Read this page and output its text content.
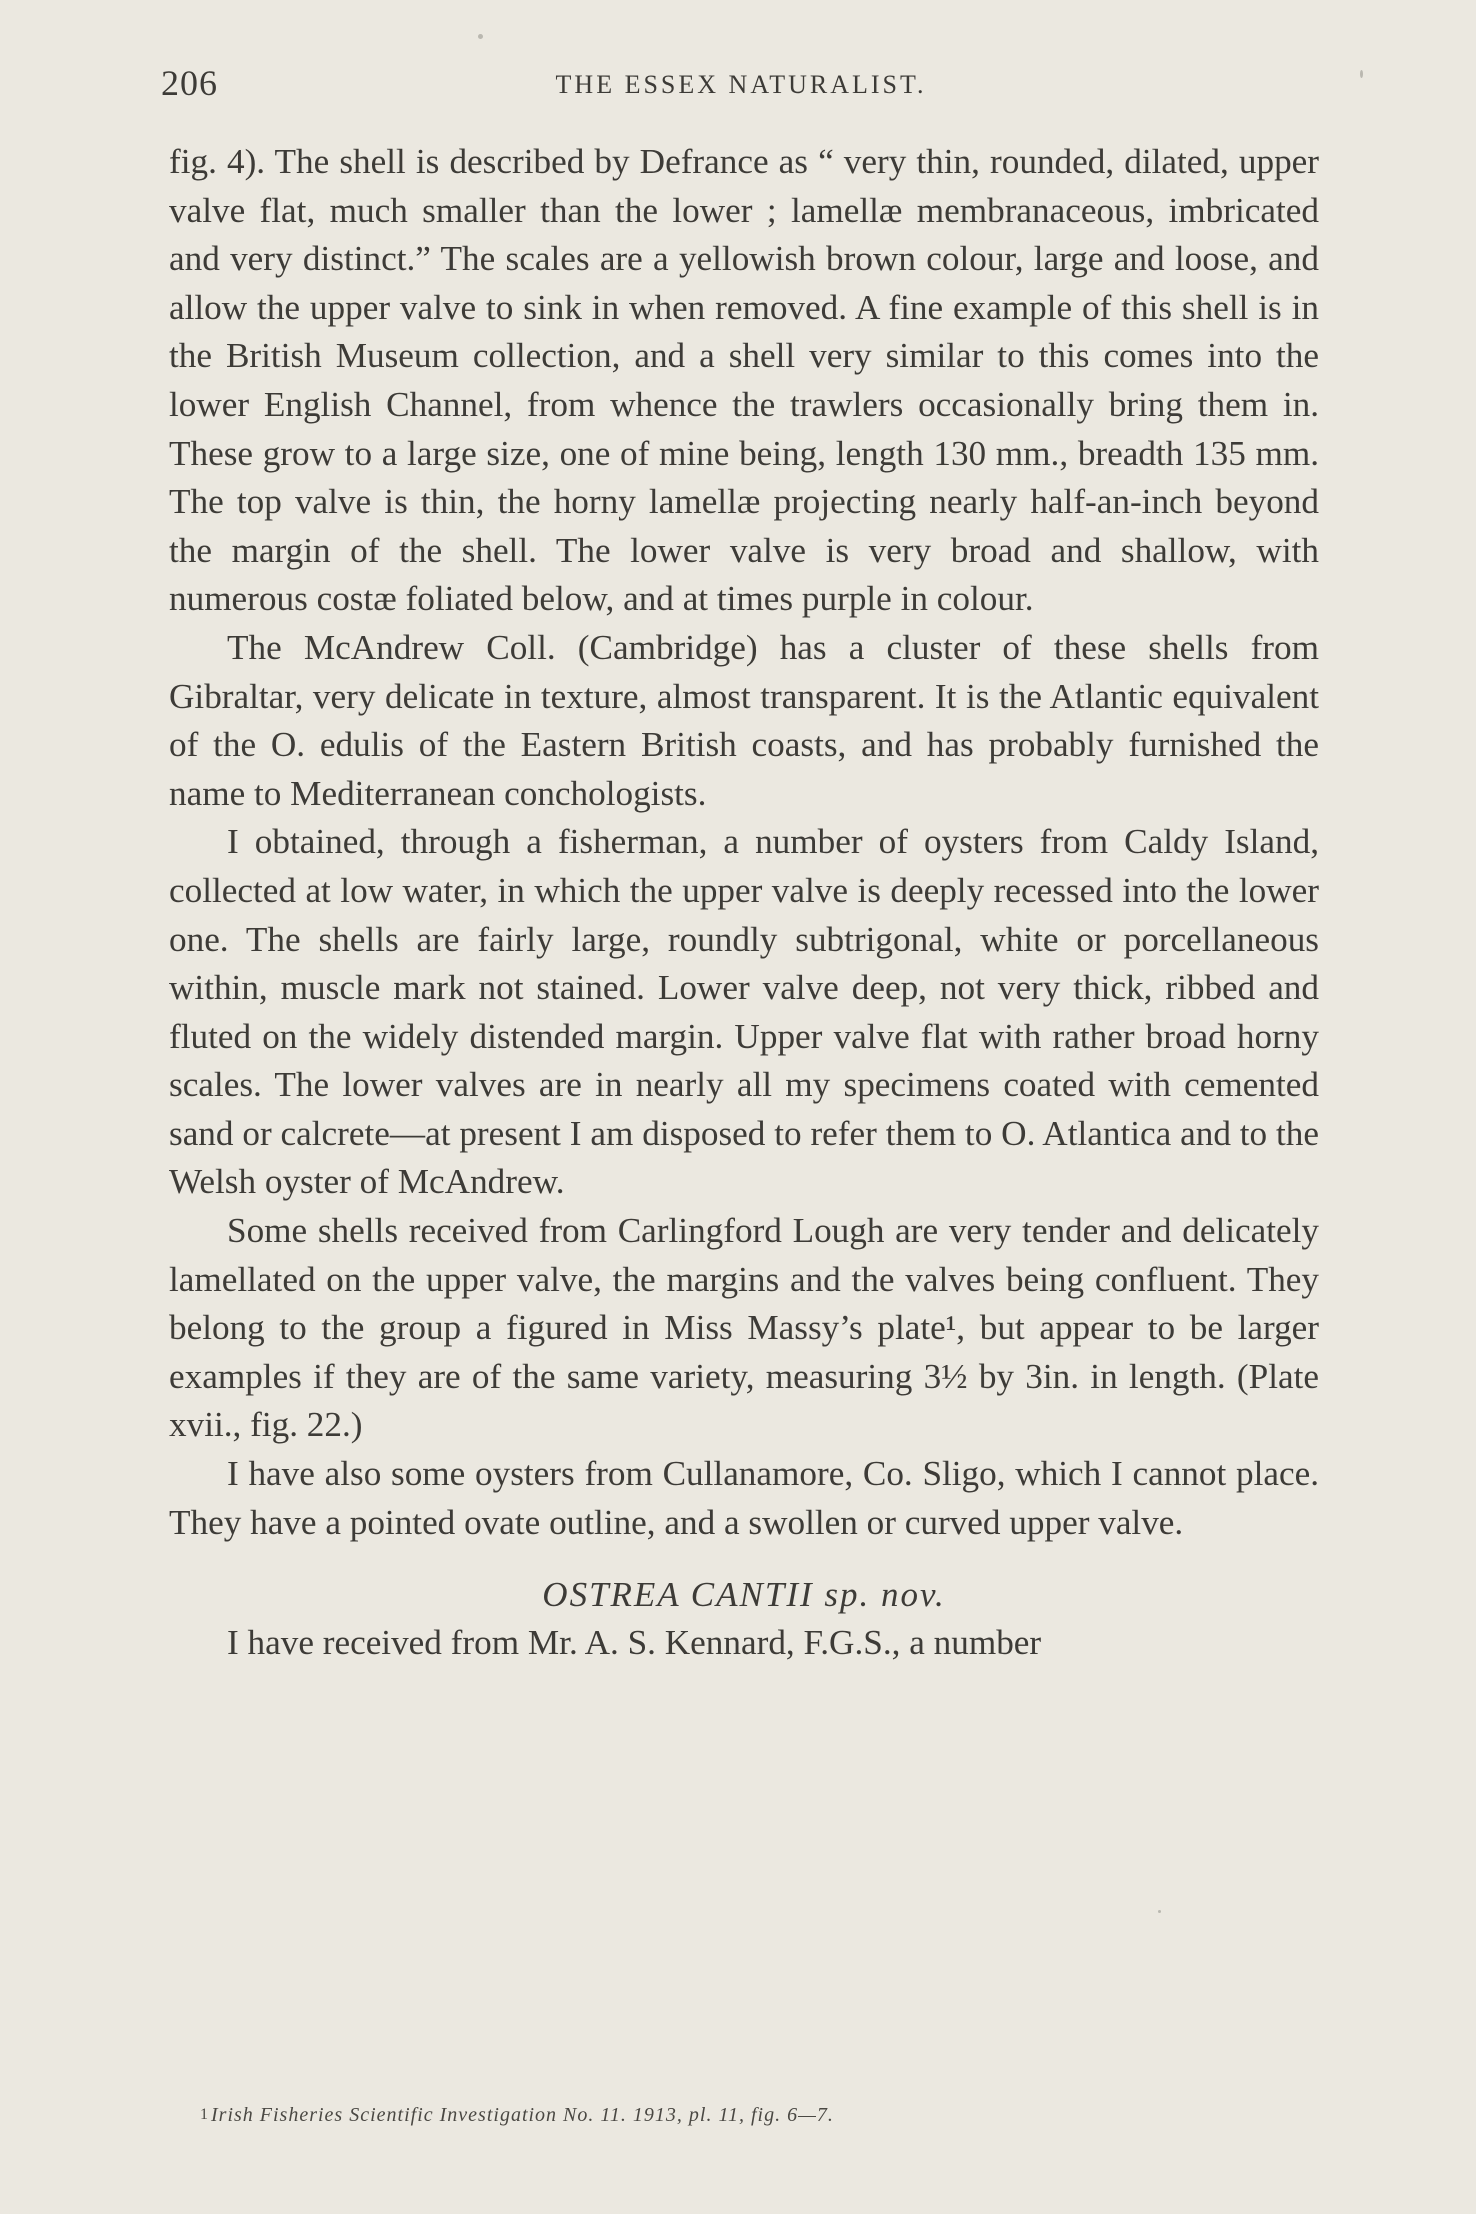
206	THE ESSEX NATURALIST.

fig. 4). The shell is described by Defrance as “ very thin, rounded, dilated, upper valve flat, much smaller than the lower ; lamellæ membranaceous, imbricated and very distinct.” The scales are a yellowish brown colour, large and loose, and allow the upper valve to sink in when removed. A fine example of this shell is in the British Museum collection, and a shell very similar to this comes into the lower English Channel, from whence the trawlers occasionally bring them in. These grow to a large size, one of mine being, length 130 mm., breadth 135 mm. The top valve is thin, the horny lamellæ projecting nearly half-an-inch beyond the margin of the shell. The lower valve is very broad and shallow, with numerous costæ foliated below, and at times purple in colour.

The McAndrew Coll. (Cambridge) has a cluster of these shells from Gibraltar, very delicate in texture, almost transparent. It is the Atlantic equivalent of the O. edulis of the Eastern British coasts, and has probably furnished the name to Mediterranean conchologists.

I obtained, through a fisherman, a number of oysters from Caldy Island, collected at low water, in which the upper valve is deeply recessed into the lower one. The shells are fairly large, roundly subtrigonal, white or porcellaneous within, muscle mark not stained. Lower valve deep, not very thick, ribbed and fluted on the widely distended margin. Upper valve flat with rather broad horny scales. The lower valves are in nearly all my specimens coated with cemented sand or calcrete—at present I am disposed to refer them to O. Atlantica and to the Welsh oyster of McAndrew.

Some shells received from Carlingford Lough are very tender and delicately lamellated on the upper valve, the margins and the valves being confluent. They belong to the group a figured in Miss Massy’s plate¹, but appear to be larger examples if they are of the same variety, measuring 3½ by 3in. in length. (Plate xvii., fig. 22.)

I have also some oysters from Cullanamore, Co. Sligo, which I cannot place. They have a pointed ovate outline, and a swollen or curved upper valve.

OSTREA CANTII sp. nov.

I have received from Mr. A. S. Kennard, F.G.S., a number

1 Irish Fisheries Scientific Investigation No. 11. 1913, pl. 11, fig. 6—7.
